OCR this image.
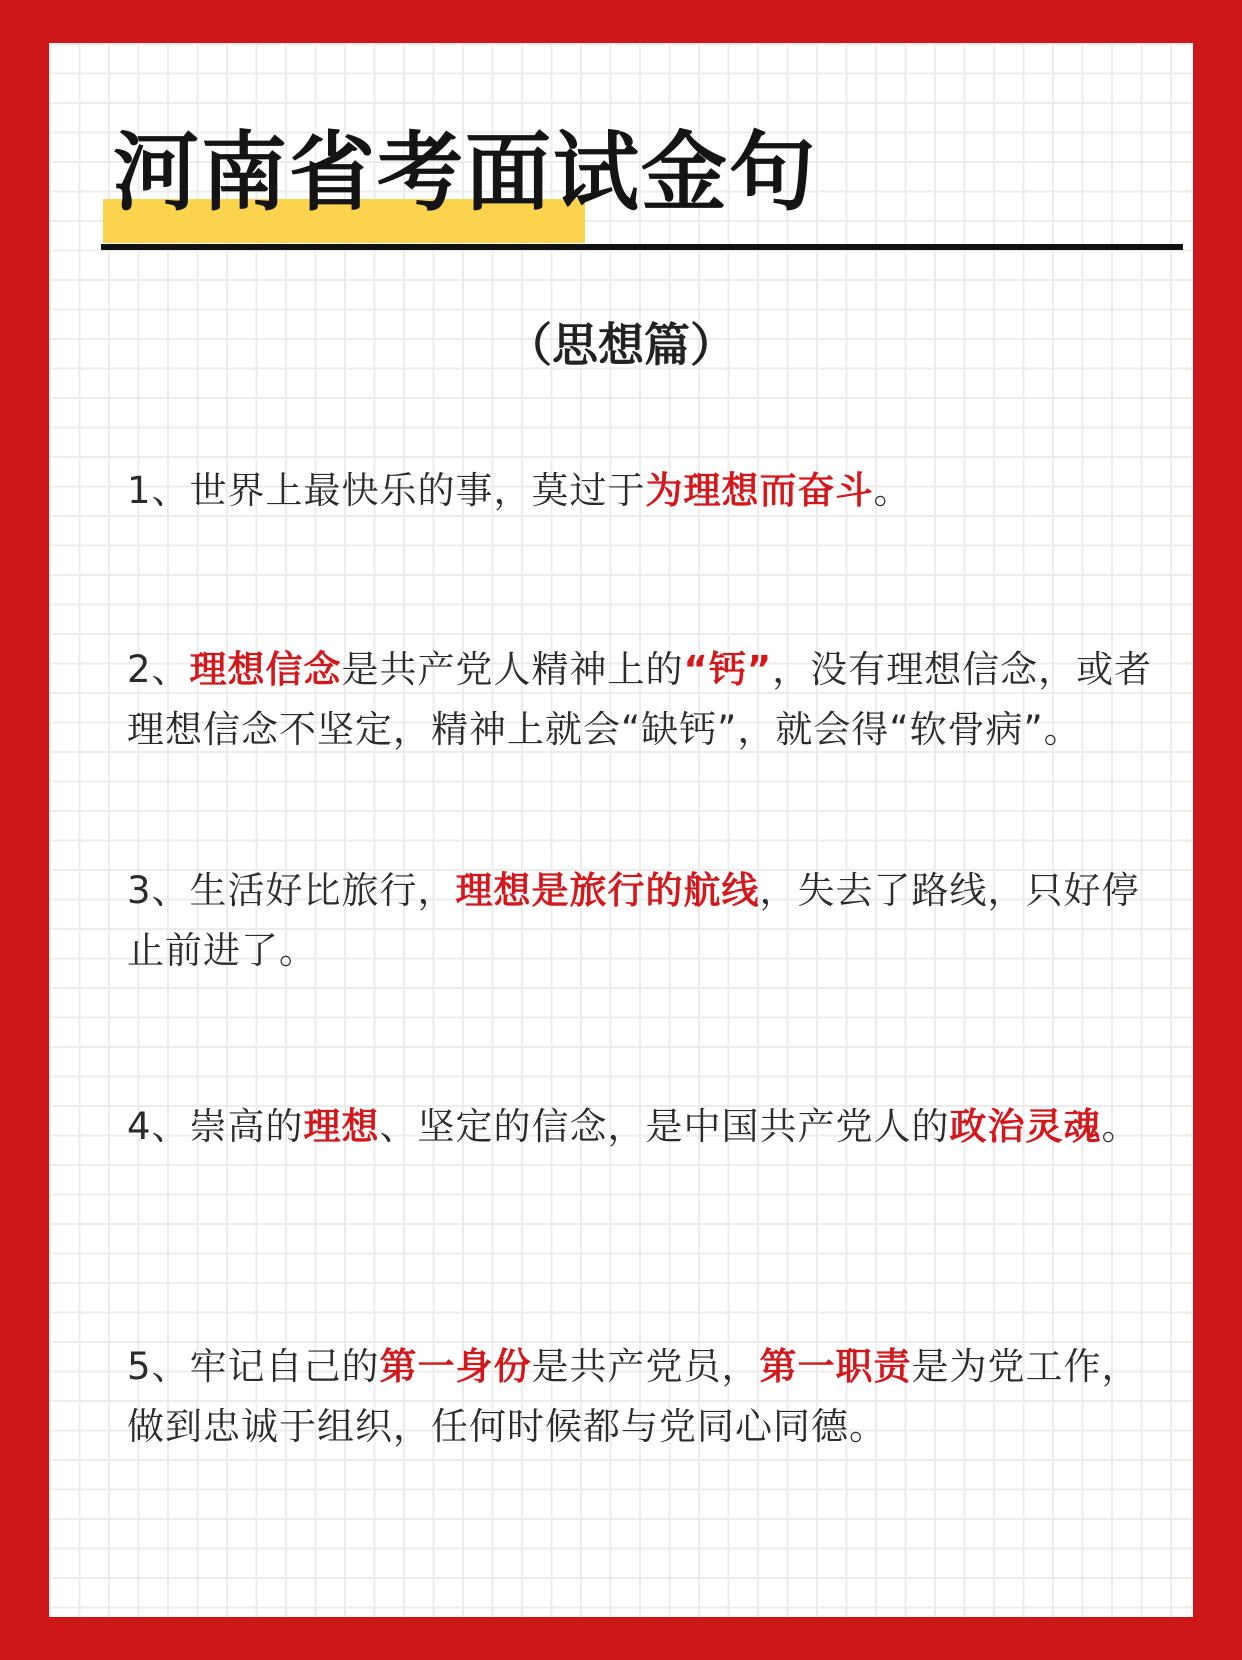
河南省考面试金句
（思想篇）

1、世界上最快乐的事，莫过于为理想而奋斗。

2、理想信念是共产党人精神上的“钙”，没有理想信念，或者理想信念不坚定，精神上就会“缺钙”，就会得“软骨病”。

3、生活好比旅行，理想是旅行的航线，失去了路线，只好停止前进了。

4、崇高的理想、坚定的信念，是中国共产党人的政治灵魂。

5、牢记自己的第一身份是共产党员，第一职责是为党工作，做到忠诚于组织，任何时候都与党同心同德。
